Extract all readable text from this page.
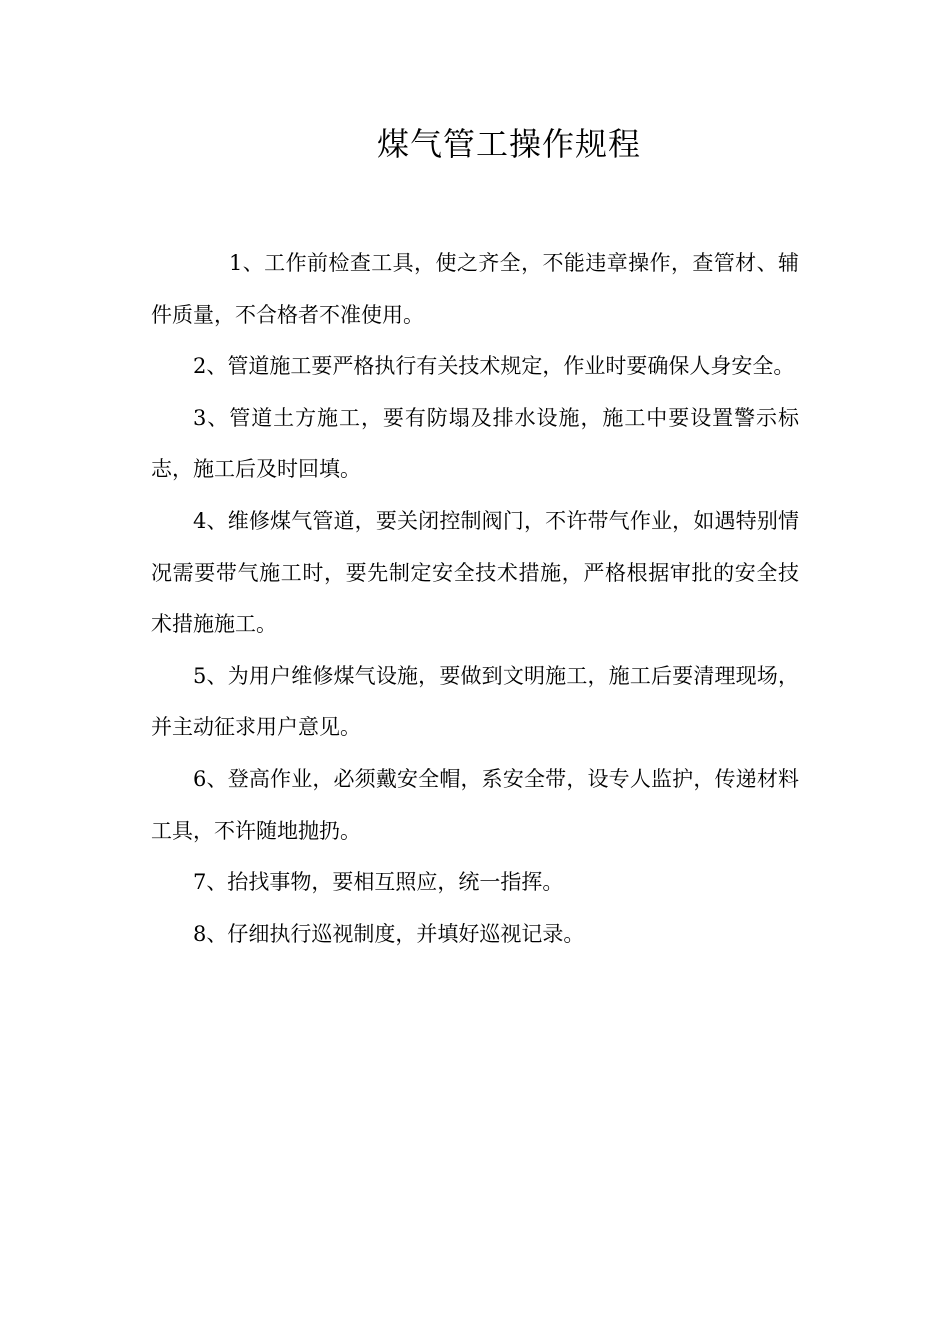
煤气管工操作规程

1、工作前检查工具，使之齐全，不能违章操作，查管材、辅件质量，不合格者不准使用。

2、管道施工要严格执行有关技术规定，作业时要确保人身安全。

3、管道土方施工，要有防塌及排水设施，施工中要设置警示标志，施工后及时回填。

4、维修煤气管道，要关闭控制阀门，不许带气作业，如遇特别情况需要带气施工时，要先制定安全技术措施，严格根据审批的安全技术措施施工。

5、为用户维修煤气设施，要做到文明施工，施工后要清理现场，并主动征求用户意见。

6、登高作业，必须戴安全帽，系安全带，设专人监护，传递材料工具，不许随地抛扔。

7、抬找事物，要相互照应，统一指挥。

8、仔细执行巡视制度，并填好巡视记录。
